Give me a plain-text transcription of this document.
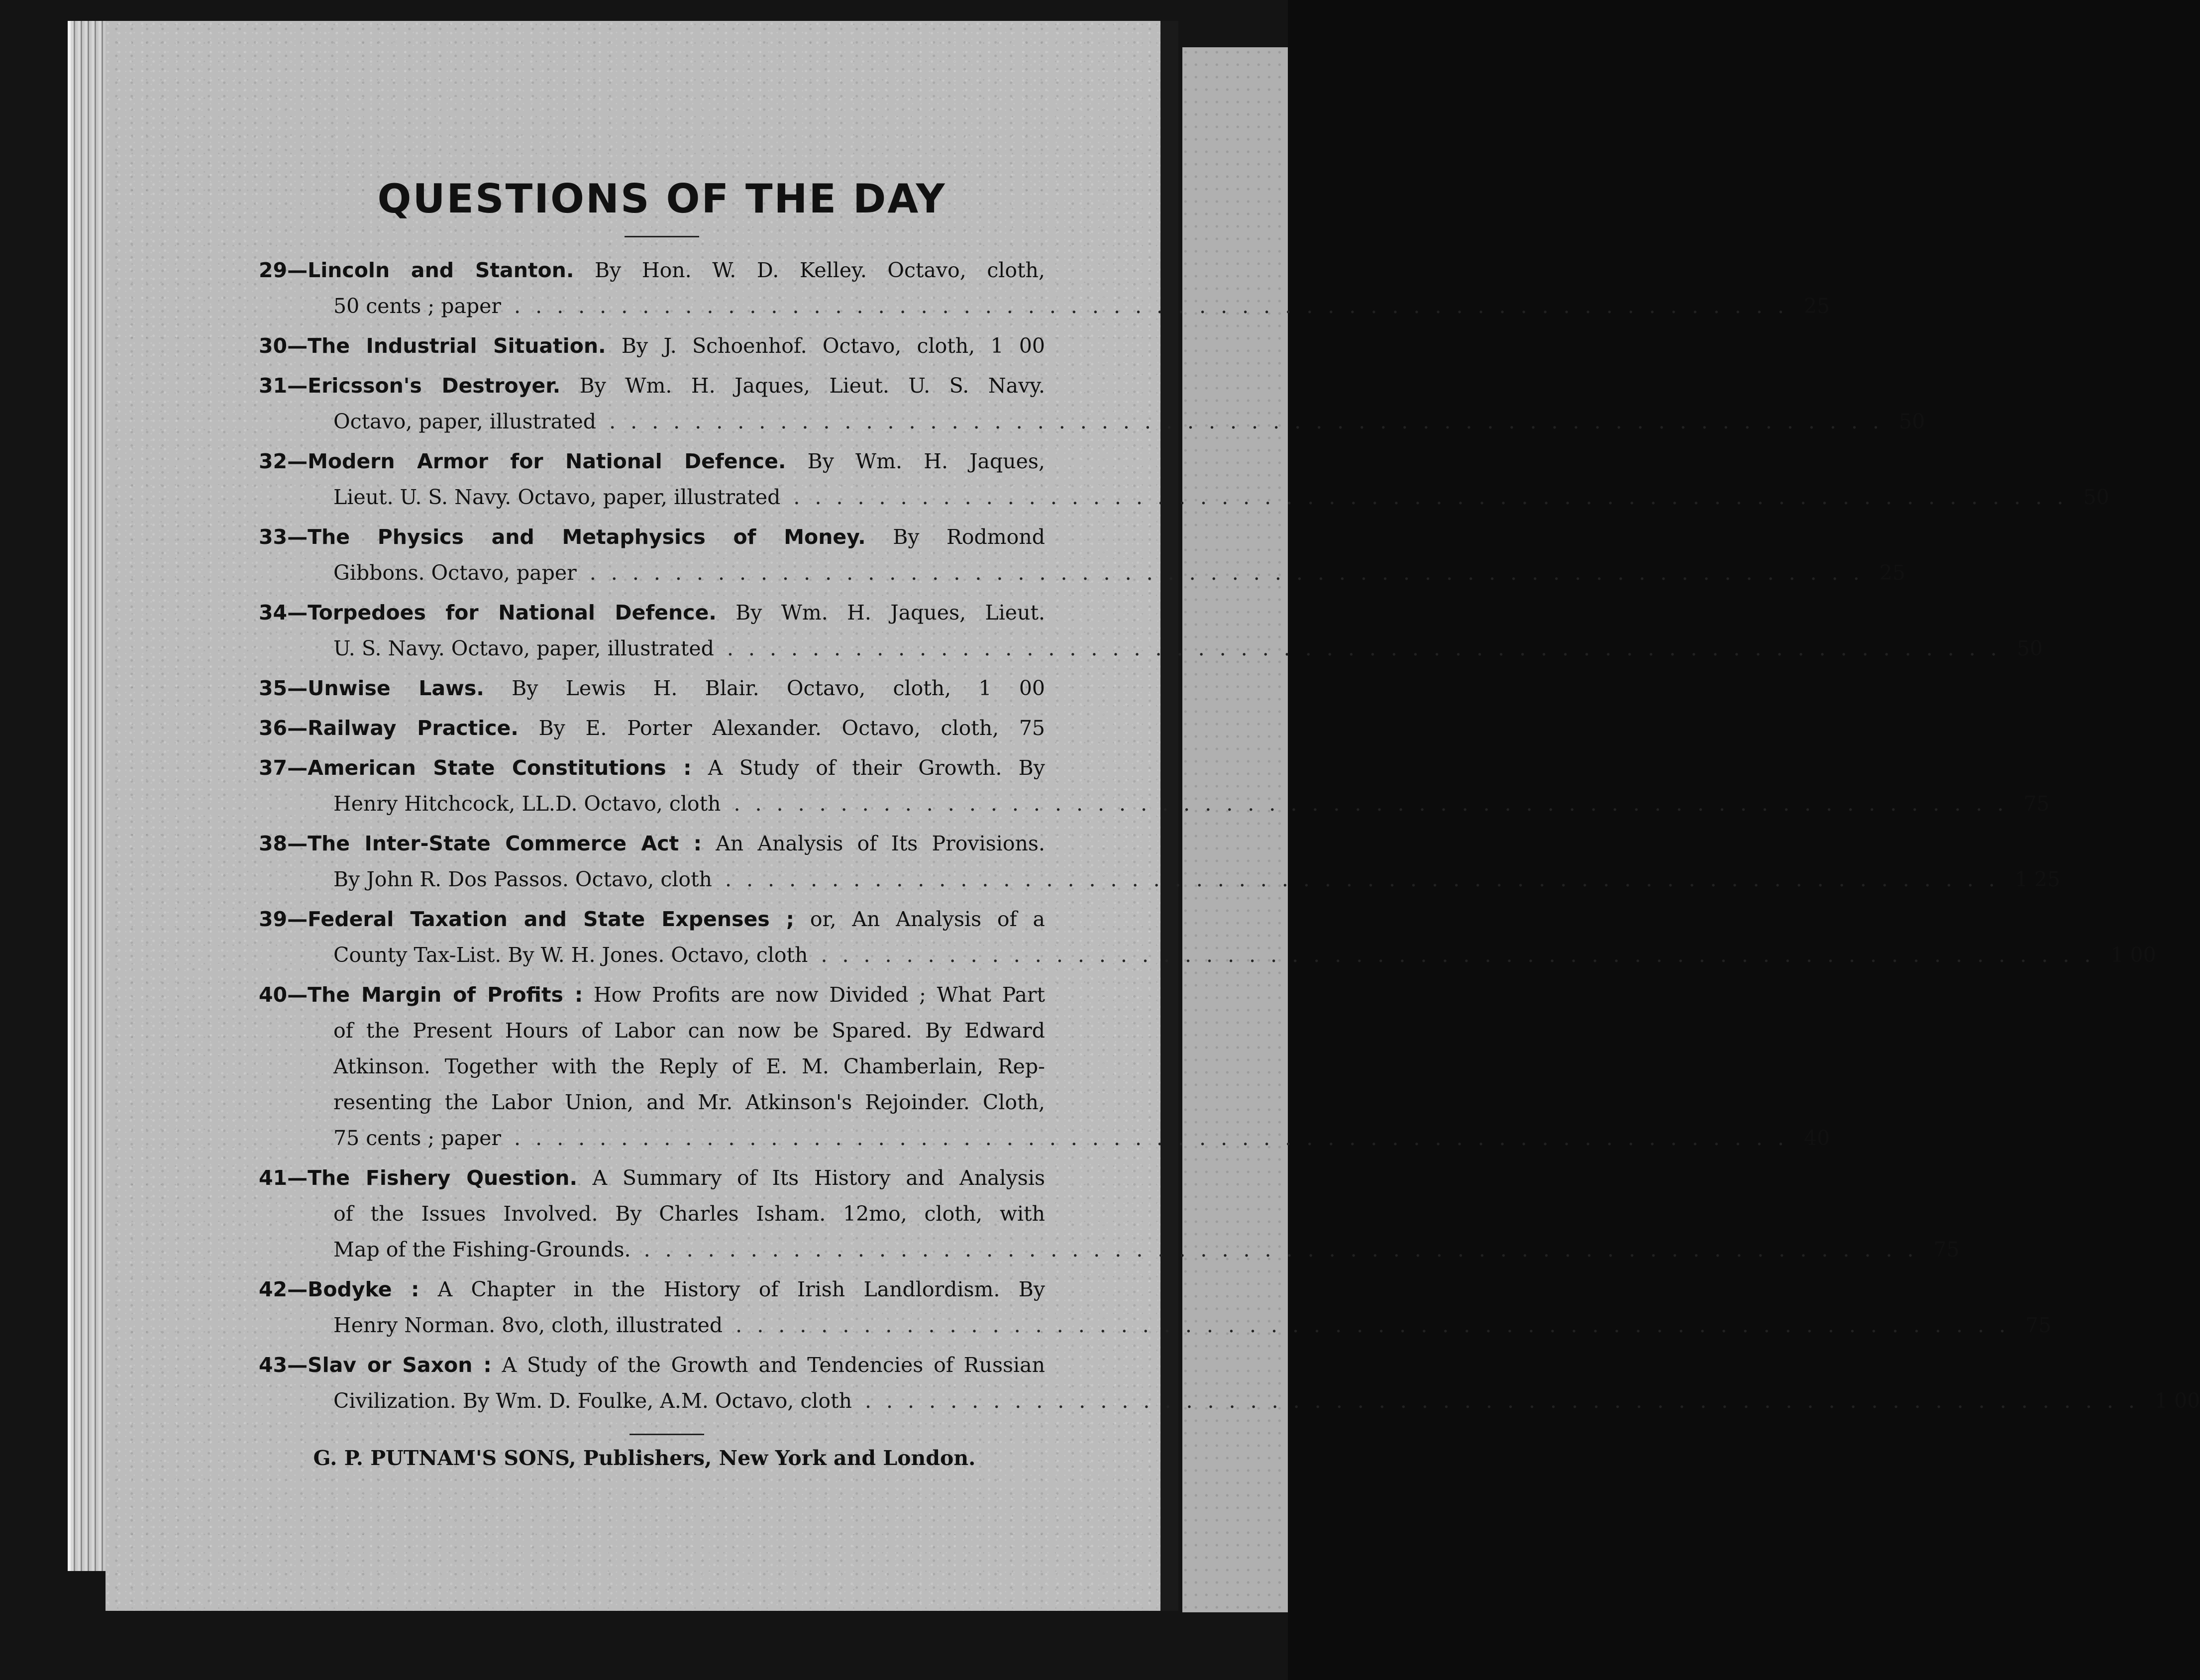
QUESTIONS OF THE DAY
29—Lincoln and Stanton. By Hon. W. D. Kelley. Octavo, cloth,
50 cents ; paper ............................................................ 25
30—The Industrial Situation. By J. Schoenhof. Octavo, cloth, 1 00
31—Ericsson's Destroyer. By Wm. H. Jaques, Lieut. U. S. Navy.
Octavo, paper, illustrated ............................................................ 50
32—Modern Armor for National Defence. By Wm. H. Jaques,
Lieut. U. S. Navy. Octavo, paper, illustrated ............................................................ 50
33—The Physics and Metaphysics of Money. By Rodmond
Gibbons. Octavo, paper ............................................................ 25
34—Torpedoes for National Defence. By Wm. H. Jaques, Lieut.
U. S. Navy. Octavo, paper, illustrated ............................................................ 50
35—Unwise Laws. By Lewis H. Blair. Octavo, cloth, 1 00
36—Railway Practice. By E. Porter Alexander. Octavo, cloth, 75
37—American State Constitutions : A Study of their Growth. By
Henry Hitchcock, LL.D. Octavo, cloth ............................................................ 75
38—The Inter-State Commerce Act : An Analysis of Its Provisions.
By John R. Dos Passos. Octavo, cloth ............................................................ 1 25
39—Federal Taxation and State Expenses ; or, An Analysis of a
County Tax-List. By W. H. Jones. Octavo, cloth ............................................................ 1 00
40—The Margin of Profits : How Profits are now Divided ; What Part
of the Present Hours of Labor can now be Spared. By Edward
Atkinson. Together with the Reply of E. M. Chamberlain, Rep-
resenting the Labor Union, and Mr. Atkinson's Rejoinder. Cloth,
75 cents ; paper ............................................................ 40
41—The Fishery Question. A Summary of Its History and Analysis
of the Issues Involved. By Charles Isham. 12mo, cloth, with
Map of the Fishing-Grounds. ............................................................ 75
42—Bodyke : A Chapter in the History of Irish Landlordism. By
Henry Norman. 8vo, cloth, illustrated ............................................................ 75
43—Slav or Saxon : A Study of the Growth and Tendencies of Russian
Civilization. By Wm. D. Foulke, A.M. Octavo, cloth ............................................................ 1 00
G. P. PUTNAM'S SONS, Publishers, New York and London.
